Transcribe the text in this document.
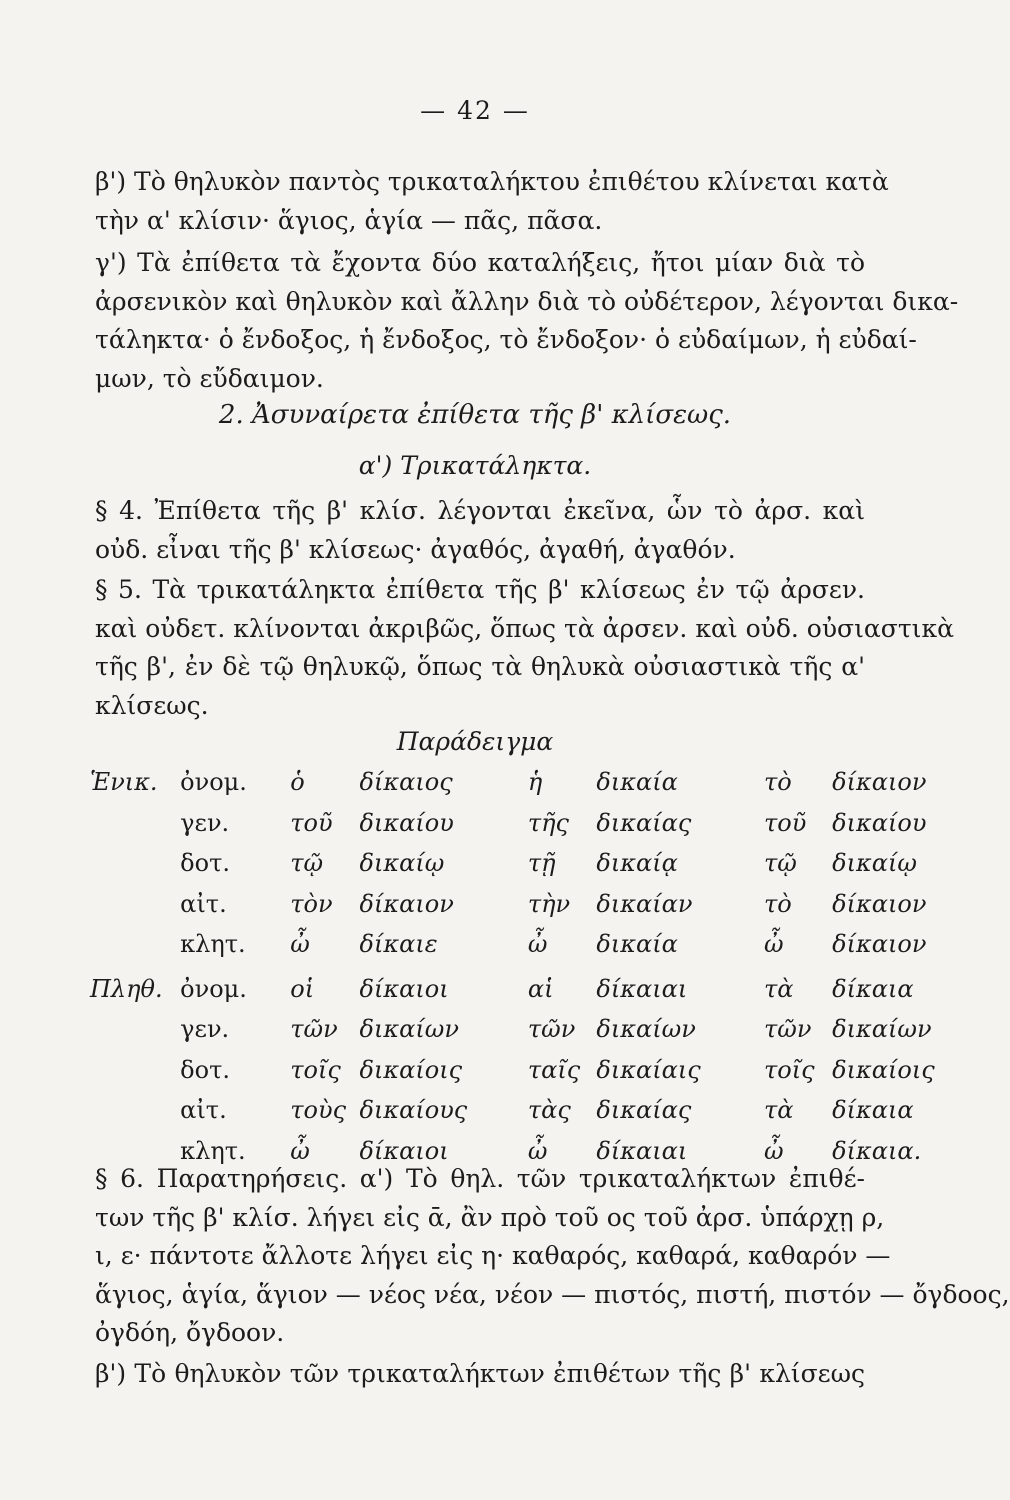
— 42 —
β') Τὸ θηλυκὸν παντὸς τρικαταλήκτου ἐπιθέτου κλίνεται κατὰ
τὴν α' κλίσιν· ἅγιος, ἁγία — πᾶς, πᾶσα.
γ') Τὰ ἐπίθετα τὰ ἔχοντα δύο καταλήξεις, ἤτοι μίαν διὰ τὸ
ἀρσενικὸν καὶ θηλυκὸν καὶ ἄλλην διὰ τὸ οὐδέτερον, λέγονται δικα-
τάληκτα· ὁ ἔνδοξος, ἡ ἔνδοξος, τὸ ἔνδοξον· ὁ εὐδαίμων, ἡ εὐδαί-
μων, τὸ εὔδαιμον.
2. Ἀσυναίρετα ἐπίθετα τῆς β' κλίσεως.
α') Τρικατάληκτα.
§ 4. Ἐπίθετα τῆς β' κλίσ. λέγονται ἐκεῖνα, ὧν τὸ ἀρσ. καὶ
οὐδ. εἶναι τῆς β' κλίσεως· ἀγαθός, ἀγαθή, ἀγαθόν.
§ 5. Τὰ τρικατάληκτα ἐπίθετα τῆς β' κλίσεως ἐν τῷ ἀρσεν.
καὶ οὐδετ. κλίνονται ἀκριβῶς, ὅπως τὰ ἀρσεν. καὶ οὐδ. οὐσιαστικὰ
τῆς β', ἐν δὲ τῷ θηλυκῷ, ὅπως τὰ θηλυκὰ οὐσιαστικὰ τῆς α'
κλίσεως.
Παράδειγμα
Ἑνικ.	ὀνομ.	ὁ	δίκαιος	ἡ	δικαία	τὸ	δίκαιον
	γεν.	τοῦ	δικαίου	τῆς	δικαίας	τοῦ	δικαίου
	δοτ.	τῷ	δικαίῳ	τῇ	δικαίᾳ	τῷ	δικαίῳ
	αἰτ.	τὸν	δίκαιον	τὴν	δικαίαν	τὸ	δίκαιον
	κλητ.	ὦ	δίκαιε	ὦ	δικαία	ὦ	δίκαιον
Πληθ.	ὀνομ.	οἱ	δίκαιοι	αἱ	δίκαιαι	τὰ	δίκαια
	γεν.	τῶν	δικαίων	τῶν	δικαίων	τῶν	δικαίων
	δοτ.	τοῖς	δικαίοις	ταῖς	δικαίαις	τοῖς	δικαίοις
	αἰτ.	τοὺς	δικαίους	τὰς	δικαίας	τὰ	δίκαια
	κλητ.	ὦ	δίκαιοι	ὦ	δίκαιαι	ὦ	δίκαια.
§ 6. Παρατηρήσεις. α') Τὸ θηλ. τῶν τρικαταλήκτων ἐπιθέ-
των τῆς β' κλίσ. λήγει εἰς ᾱ, ἂν πρὸ τοῦ ος τοῦ ἀρσ. ὑπάρχῃ ρ,
ι, ε· πάντοτε ἄλλοτε λήγει εἰς η· καθαρός, καθαρά, καθαρόν —
ἅγιος, ἁγία, ἅγιον — νέος νέα, νέον — πιστός, πιστή, πιστόν — ὄγδοος,
ὀγδόη, ὄγδοον.
β') Τὸ θηλυκὸν τῶν τρικαταλήκτων ἐπιθέτων τῆς β' κλίσεως
